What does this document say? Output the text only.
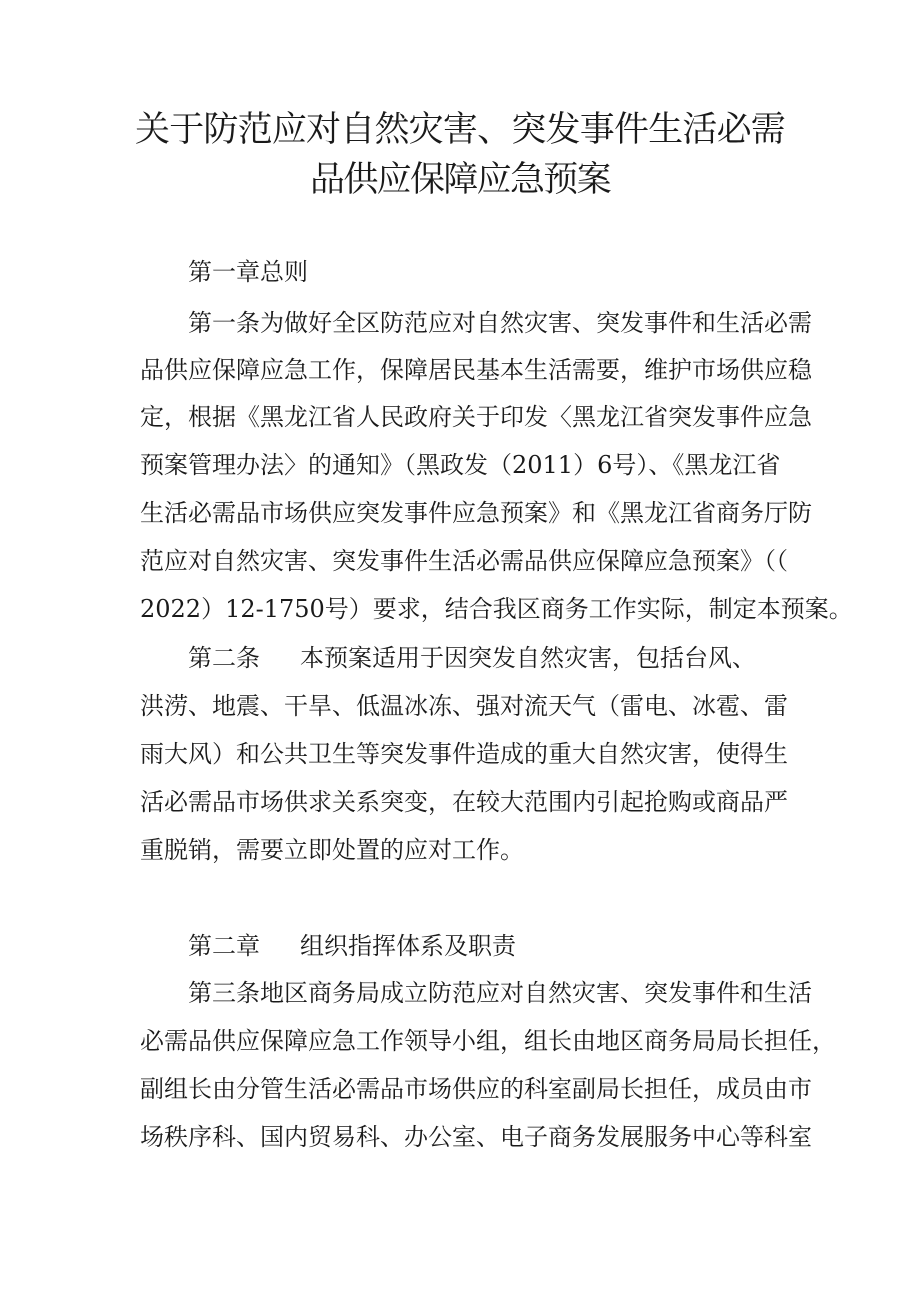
关于防范应对自然灾害、突发事件生活必需
品供应保障应急预案
第一章总则
第一条为做好全区防范应对自然灾害、突发事件和生活必需
品供应保障应急工作，保障居民基本生活需要，维护市场供应稳
定，根据《黑龙江省人民政府关于印发〈黑龙江省突发事件应急
预案管理办法〉的通知》（黑政发（2011）6号）、《黑龙江省
生活必需品市场供应突发事件应急预案》和《黑龙江省商务厅防
范应对自然灾害、突发事件生活必需品供应保障应急预案》（（
2022）12-1750号）要求，结合我区商务工作实际，制定本预案。
第二条 本预案适用于因突发自然灾害，包括台风、
洪涝、地震、干旱、低温冰冻、强对流天气（雷电、冰雹、雷
雨大风）和公共卫生等突发事件造成的重大自然灾害，使得生
活必需品市场供求关系突变，在较大范围内引起抢购或商品严
重脱销，需要立即处置的应对工作。
第二章 组织指挥体系及职责
第三条地区商务局成立防范应对自然灾害、突发事件和生活
必需品供应保障应急工作领导小组，组长由地区商务局局长担任，
副组长由分管生活必需品市场供应的科室副局长担任，成员由市
场秩序科、国内贸易科、办公室、电子商务发展服务中心等科室
